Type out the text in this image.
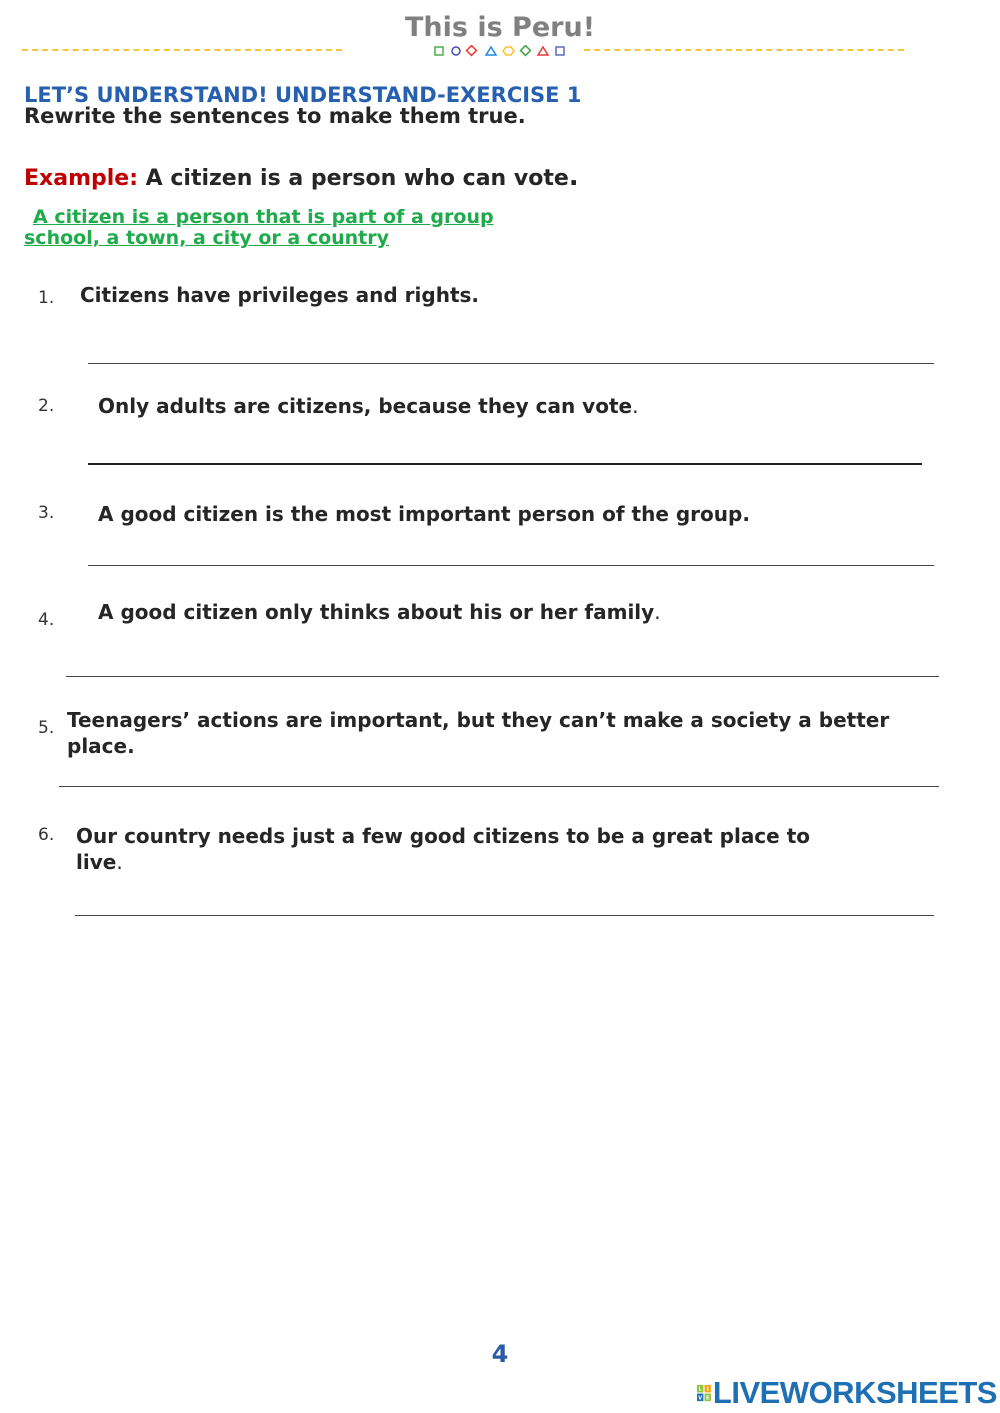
This is Peru!
LET’S UNDERSTAND! UNDERSTAND-EXERCISE 1
Rewrite the sentences to make them true.
Example: A citizen is a person who can vote.
A citizen is a person that is part of a group
school, a town, a city or a country
1. Citizens have privileges and rights.
2. Only adults are citizens, because they can vote.
3. A good citizen is the most important person of the group.
4. A good citizen only thinks about his or her family.
5. Teenagers’ actions are important, but they can’t make a society a better
place.
6. Our country needs just a few good citizens to be a great place to
live.
4
L I
V E LIVEWORKSHEETS
